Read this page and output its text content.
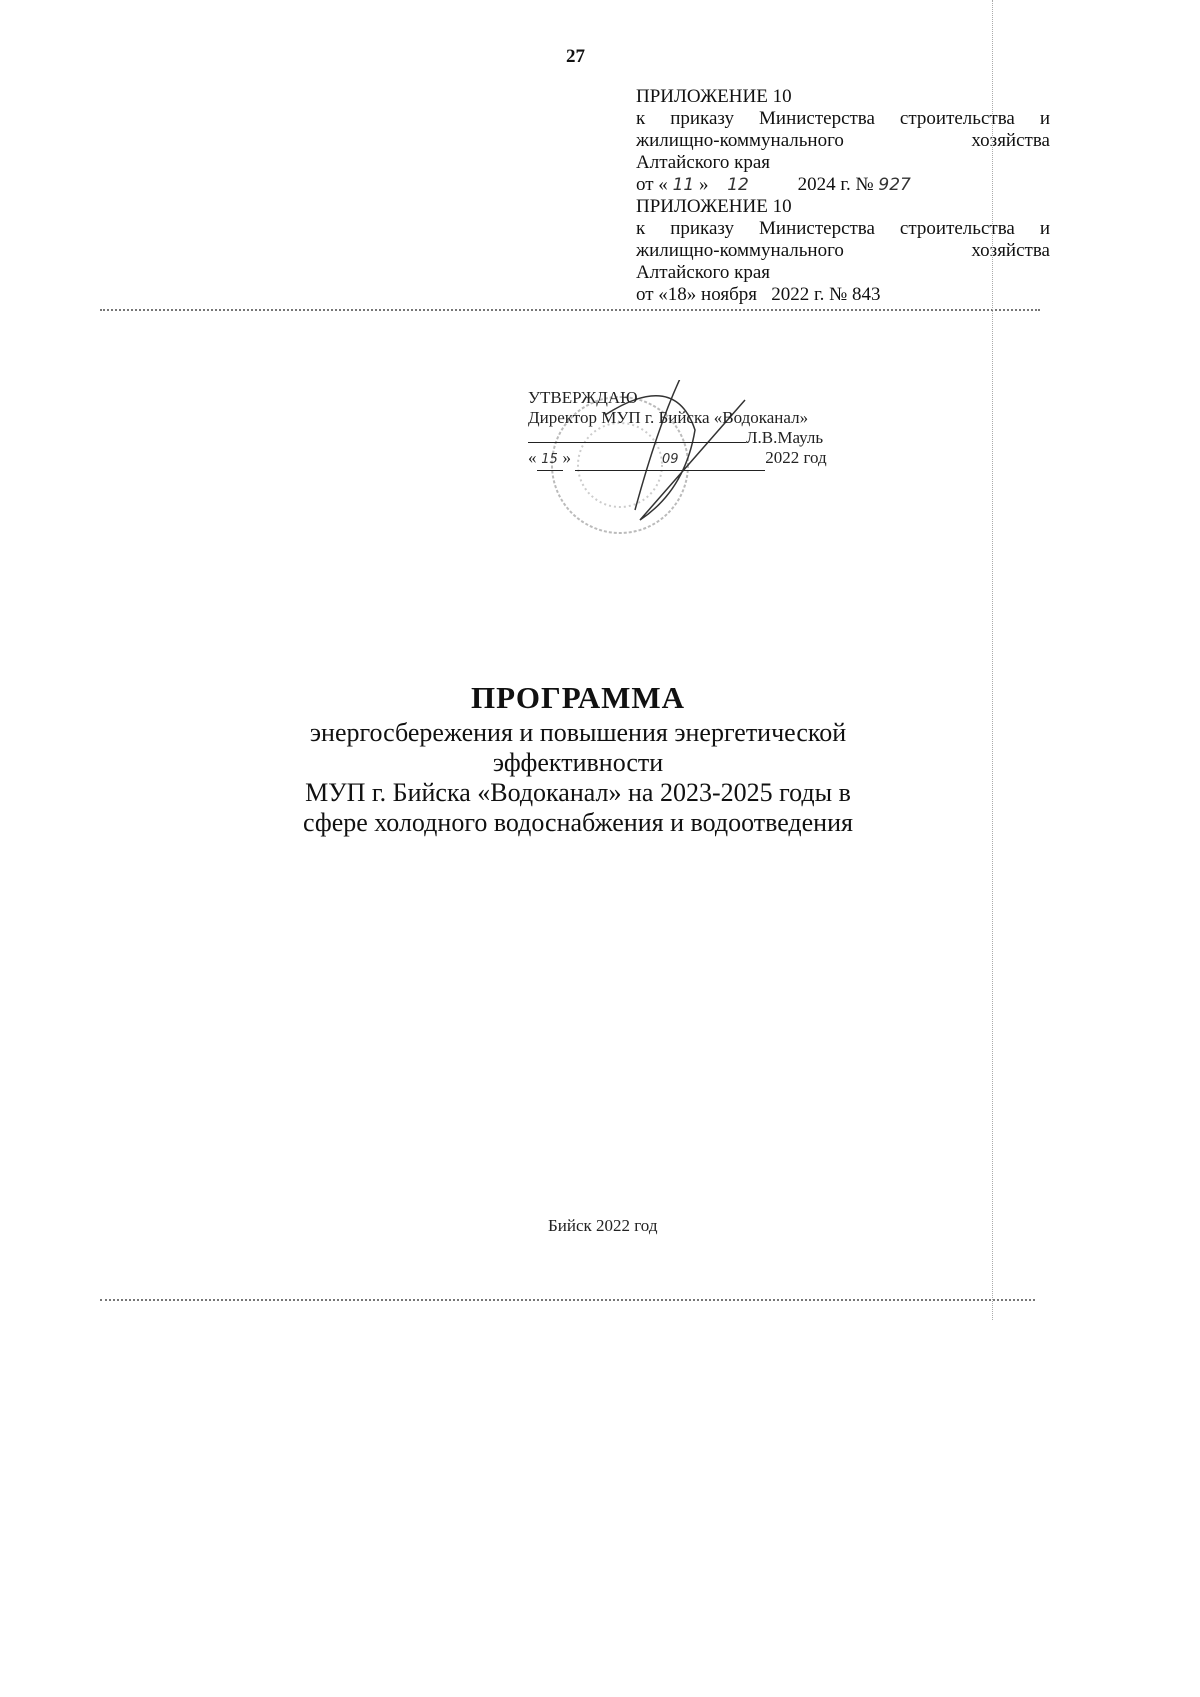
27
ПРИЛОЖЕНИЕ 10
к приказу Министерства строительства и
жилищно-коммунального	хозяйства
Алтайского края
от « 11 » 12	2024 г. № 927
ПРИЛОЖЕНИЕ 10
к приказу Министерства строительства и
жилищно-коммунального	хозяйства
Алтайского края
от «18» ноября   2022 г. № 843
УТВЕРЖДАЮ
Директор МУП г. Бийска «Водоканал»
Л.В.Мауль
« 15 »	09	2022 год
ПРОГРАММА
энергосбережения и повышения энергетической
эффективности
МУП г. Бийска «Водоканал» на 2023-2025 годы в
сфере холодного водоснабжения и водоотведения
Бийск 2022 год
